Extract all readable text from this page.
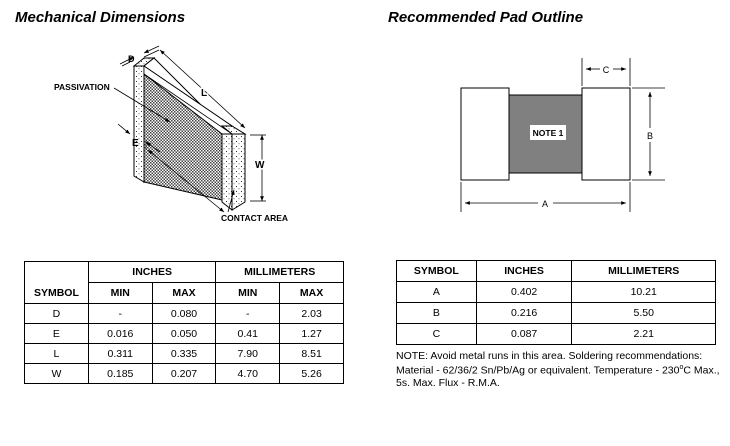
Mechanical Dimensions	Recommended Pad Outline
D
L
W
E
PASSIVATION
CONTACT AREA
NOTE 1
C
B
A
SYMBOL	INCHES		MILLIMETERS	
	MIN	MAX	MIN	MAX
D	-	0.080	-	2.03
E	0.016	0.050	0.41	1.27
L	0.311	0.335	7.90	8.51
W	0.185	0.207	4.70	5.26
SYMBOL	INCHES	MILLIMETERS
A	0.402	10.21
B	0.216	5.50
C	0.087	2.21
NOTE: Avoid metal runs in this area. Soldering recommendations: Material - 62/36/2 Sn/Pb/Ag or equivalent. Temperature - 230$^o$C Max., 5s. Max. Flux - R.M.A.
